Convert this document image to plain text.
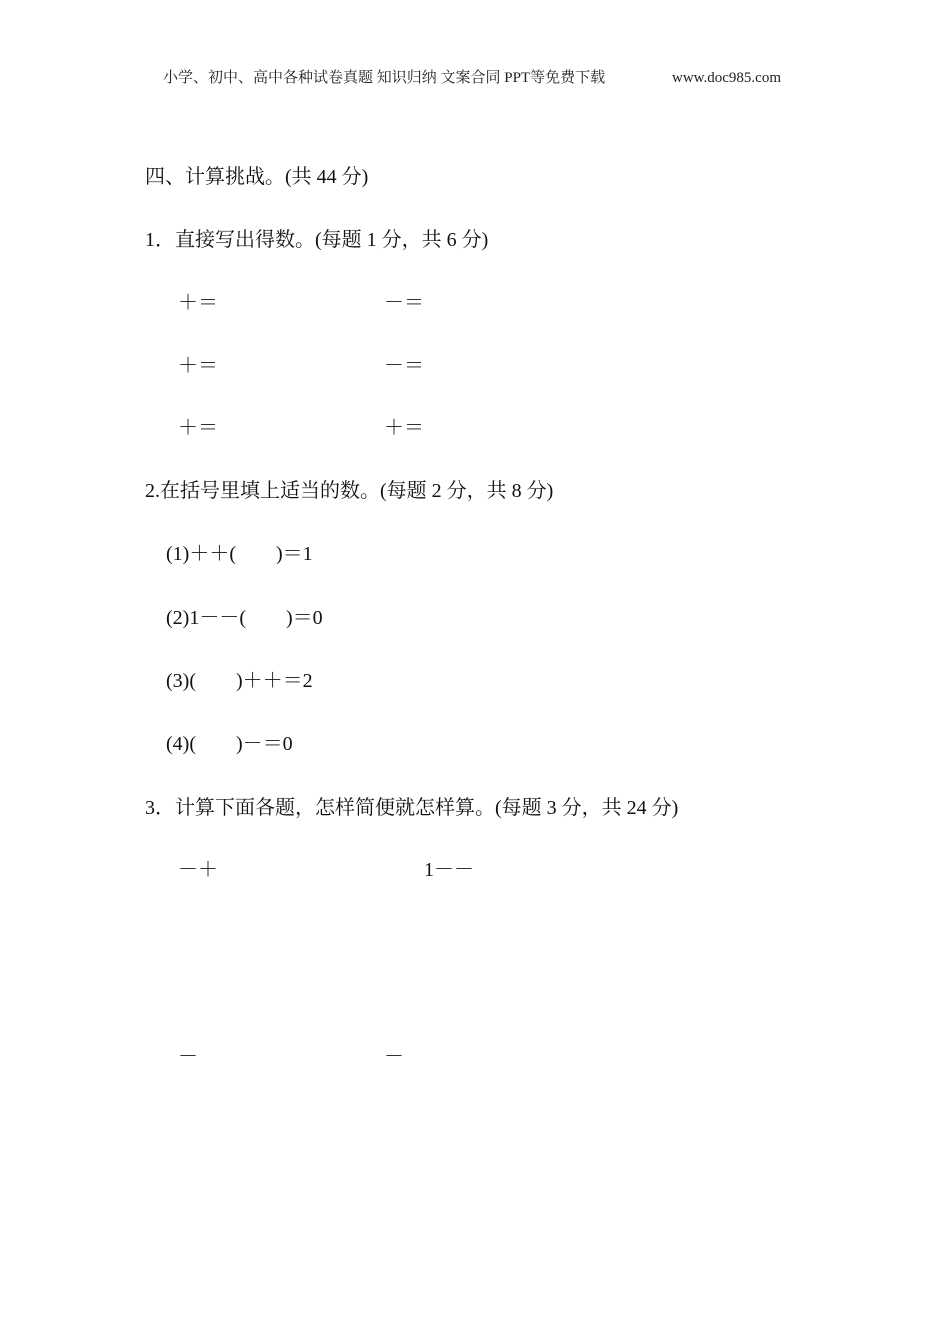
小学、初中、高中各种试卷真题 知识归纳 文案合同 PPT等免费下载	www.doc985.com
四、计算挑战。(共 44 分)
1．直接写出得数。(每题 1 分，共 6 分)
＋＝	－＝
＋＝	－＝
＋＝	＋＝
2.在括号里填上适当的数。(每题 2 分，共 8 分)
(1)＋＋(　　)＝1
(2)1－－(　　)＝0
(3)(　　)＋＋＝2
(4)(　　)－＝0
3．计算下面各题，怎样简便就怎样算。(每题 3 分，共 24 分)
－＋	1－－
－	－
